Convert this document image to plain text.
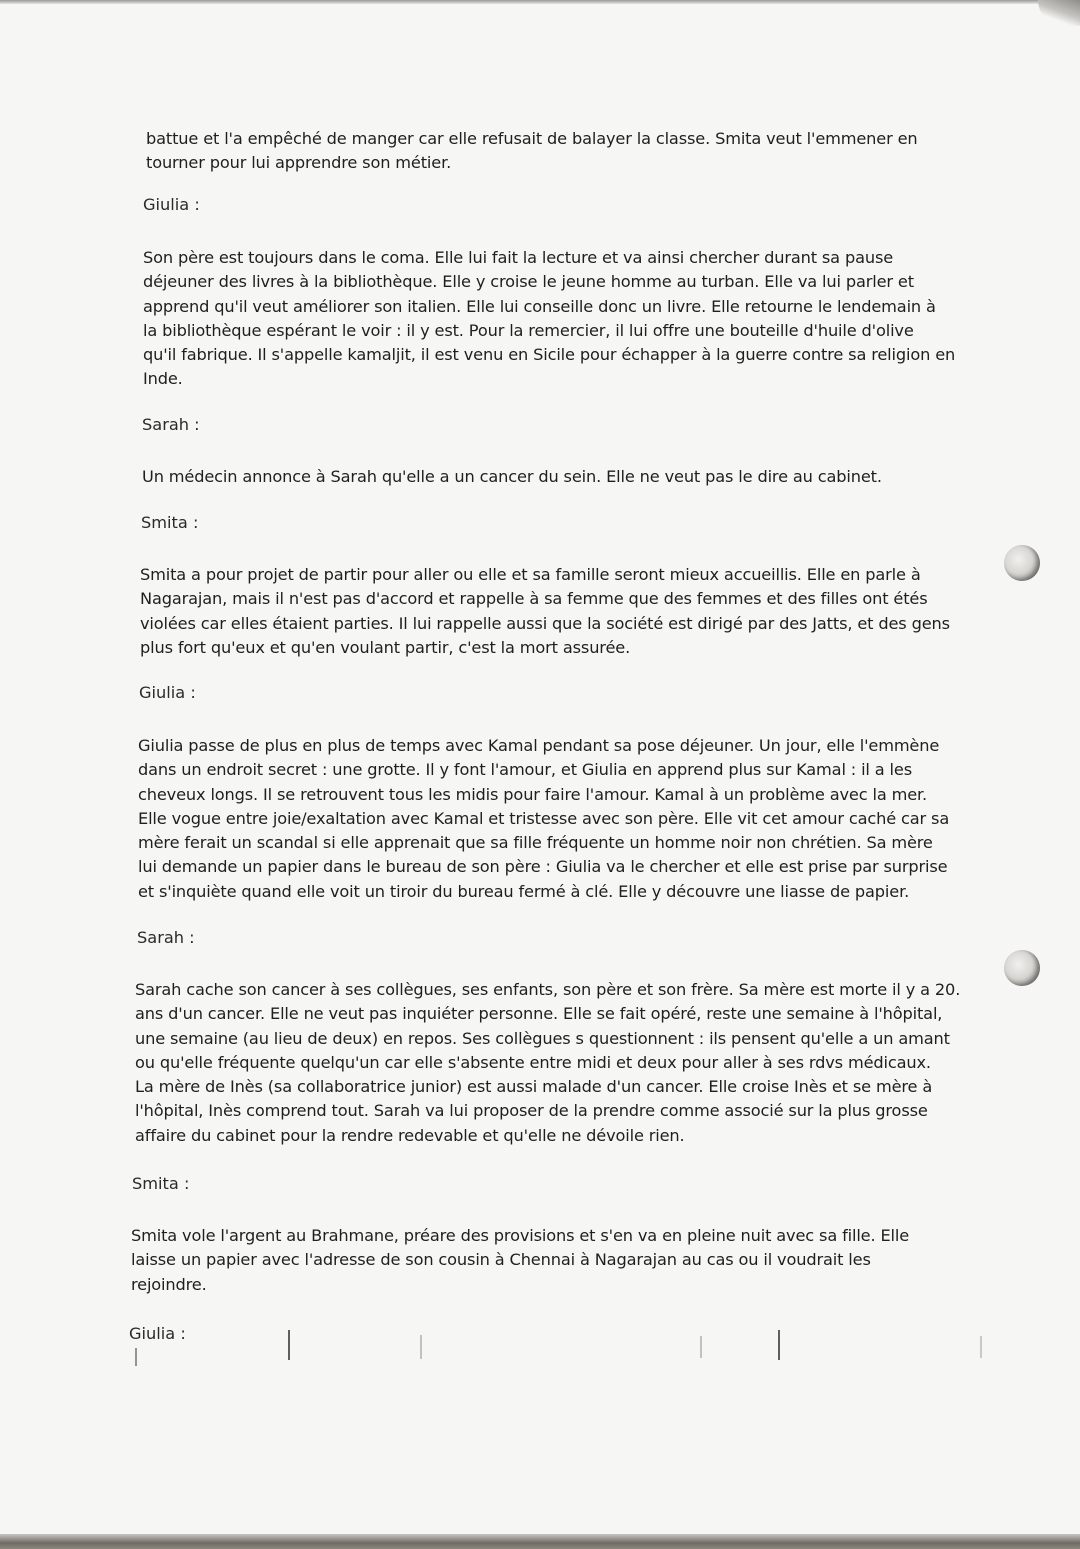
battue et l'a empêché de manger car elle refusait de balayer la classe. Smita veut l'emmener en
tourner pour lui apprendre son métier.
Giulia :
Son père est toujours dans le coma. Elle lui fait la lecture et va ainsi chercher durant sa pause
déjeuner des livres à la bibliothèque. Elle y croise le jeune homme au turban. Elle va lui parler et
apprend qu'il veut améliorer son italien. Elle lui conseille donc un livre. Elle retourne le lendemain à
la bibliothèque espérant le voir : il y est. Pour la remercier, il lui offre une bouteille d'huile d'olive
qu'il fabrique. Il s'appelle kamaljit, il est venu en Sicile pour échapper à la guerre contre sa religion en
Inde.
Sarah :
Un médecin annonce à Sarah qu'elle a un cancer du sein. Elle ne veut pas le dire au cabinet.
Smita :
Smita a pour projet de partir pour aller ou elle et sa famille seront mieux accueillis. Elle en parle à
Nagarajan, mais il n'est pas d'accord et rappelle à sa femme que des femmes et des filles ont étés
violées car elles étaient parties. Il lui rappelle aussi que la société est dirigé par des Jatts, et des gens
plus fort qu'eux et qu'en voulant partir, c'est la mort assurée.
Giulia :
Giulia passe de plus en plus de temps avec Kamal pendant sa pose déjeuner. Un jour, elle l'emmène
dans un endroit secret : une grotte. Il y font l'amour, et Giulia en apprend plus sur Kamal : il a les
cheveux longs. Il se retrouvent tous les midis pour faire l'amour. Kamal à un problème avec la mer.
Elle vogue entre joie/exaltation avec Kamal et tristesse avec son père. Elle vit cet amour caché car sa
mère ferait un scandal si elle apprenait que sa fille fréquente un homme noir non chrétien. Sa mère
lui demande un papier dans le bureau de son père : Giulia va le chercher et elle est prise par surprise
et s'inquiète quand elle voit un tiroir du bureau fermé à clé. Elle y découvre une liasse de papier.
Sarah :
Sarah cache son cancer à ses collègues, ses enfants, son père et son frère. Sa mère est morte il y a 20.
ans d'un cancer. Elle ne veut pas inquiéter personne. Elle se fait opéré, reste une semaine à l'hôpital,
une semaine (au lieu de deux) en repos. Ses collègues s questionnent : ils pensent qu'elle a un amant
ou qu'elle fréquente quelqu'un car elle s'absente entre midi et deux pour aller à ses rdvs médicaux.
La mère de Inès (sa collaboratrice junior) est aussi malade d'un cancer. Elle croise Inès et se mère à
l'hôpital, Inès comprend tout. Sarah va lui proposer de la prendre comme associé sur la plus grosse
affaire du cabinet pour la rendre redevable et qu'elle ne dévoile rien.
Smita :
Smita vole l'argent au Brahmane, préare des provisions et s'en va en pleine nuit avec sa fille. Elle
laisse un papier avec l'adresse de son cousin à Chennai à Nagarajan au cas ou il voudrait les
rejoindre.
Giulia :
